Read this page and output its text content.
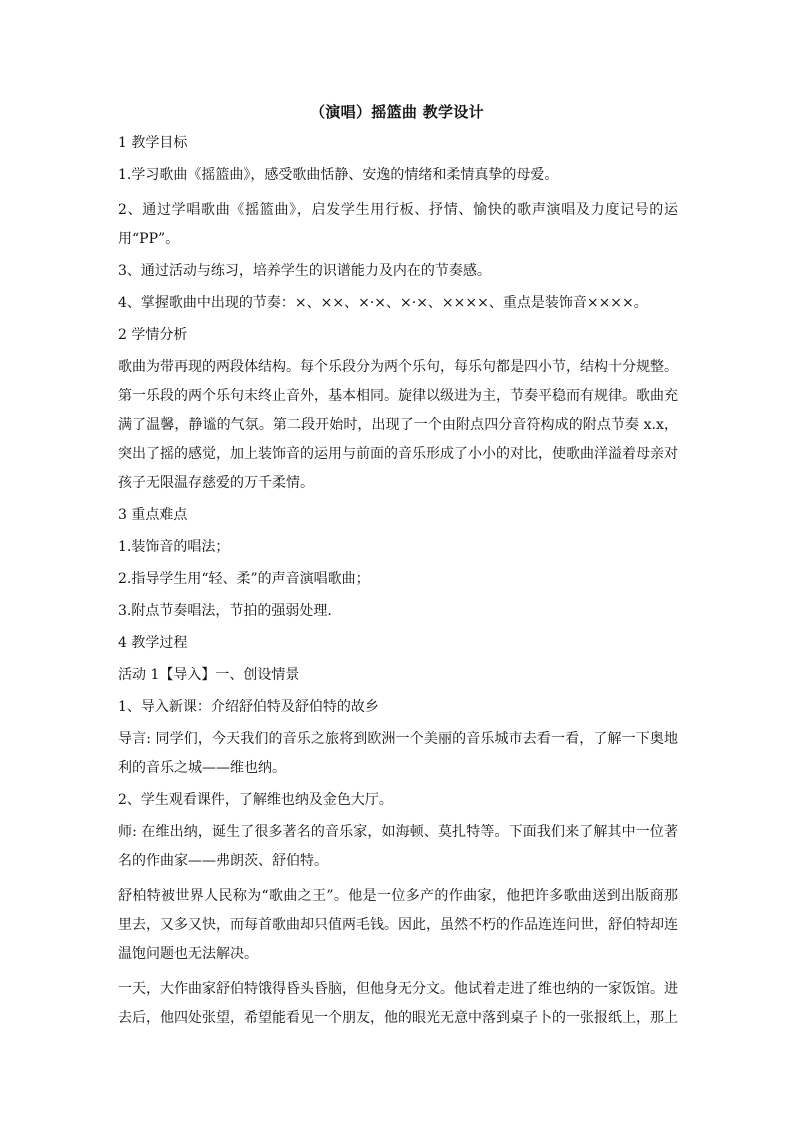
（演唱）摇篮曲 教学设计
1 教学目标
1.学习歌曲《摇篮曲》，感受歌曲恬静、安逸的情绪和柔情真挚的母爱。
2、通过学唱歌曲《摇篮曲》，启发学生用行板、抒情、愉快的歌声演唱及力度记号的运用“PP”。
3、通过活动与练习，培养学生的识谱能力及内在的节奏感。
4、掌握歌曲中出现的节奏：×、××、×·×、×·×、××××、重点是装饰音××××。
2 学情分析
歌曲为带再现的两段体结构。每个乐段分为两个乐句，每乐句都是四小节，结构十分规整。第一乐段的两个乐句末终止音外，基本相同。旋律以级进为主，节奏平稳而有规律。歌曲充满了温馨，静谧的气氛。第二段开始时，出现了一个由附点四分音符构成的附点节奏 x.x，突出了摇的感觉，加上装饰音的运用与前面的音乐形成了小小的对比，使歌曲洋溢着母亲对孩子无限温存慈爱的万千柔情。
3 重点难点
1.装饰音的唱法；
2.指导学生用“轻、柔”的声音演唱歌曲；
3.附点节奏唱法，节拍的强弱处理.
4 教学过程
活动 1【导入】一、创设情景
1、导入新课：介绍舒伯特及舒伯特的故乡
导言: 同学们，今天我们的音乐之旅将到欧洲一个美丽的音乐城市去看一看，了解一下奥地利的音乐之城——维也纳。
2、学生观看课件，了解维也纳及金色大厅。
师: 在维出纳，诞生了很多著名的音乐家，如海顿、莫扎特等。下面我们来了解其中一位著名的作曲家——弗朗茨、舒伯特。
舒柏特被世界人民称为“歌曲之王”。他是一位多产的作曲家，他把许多歌曲送到出版商那里去，又多又快，而每首歌曲却只值两毛钱。因此，虽然不朽的作品连连问世，舒伯特却连温饱问题也无法解决。
一天，大作曲家舒伯特饿得昏头昏脑，但他身无分文。他试着走进了维也纳的一家饭馆。进去后，他四处张望，希望能看见一个朋友，他的眼光无意中落到桌子卜的一张报纸上，那上
